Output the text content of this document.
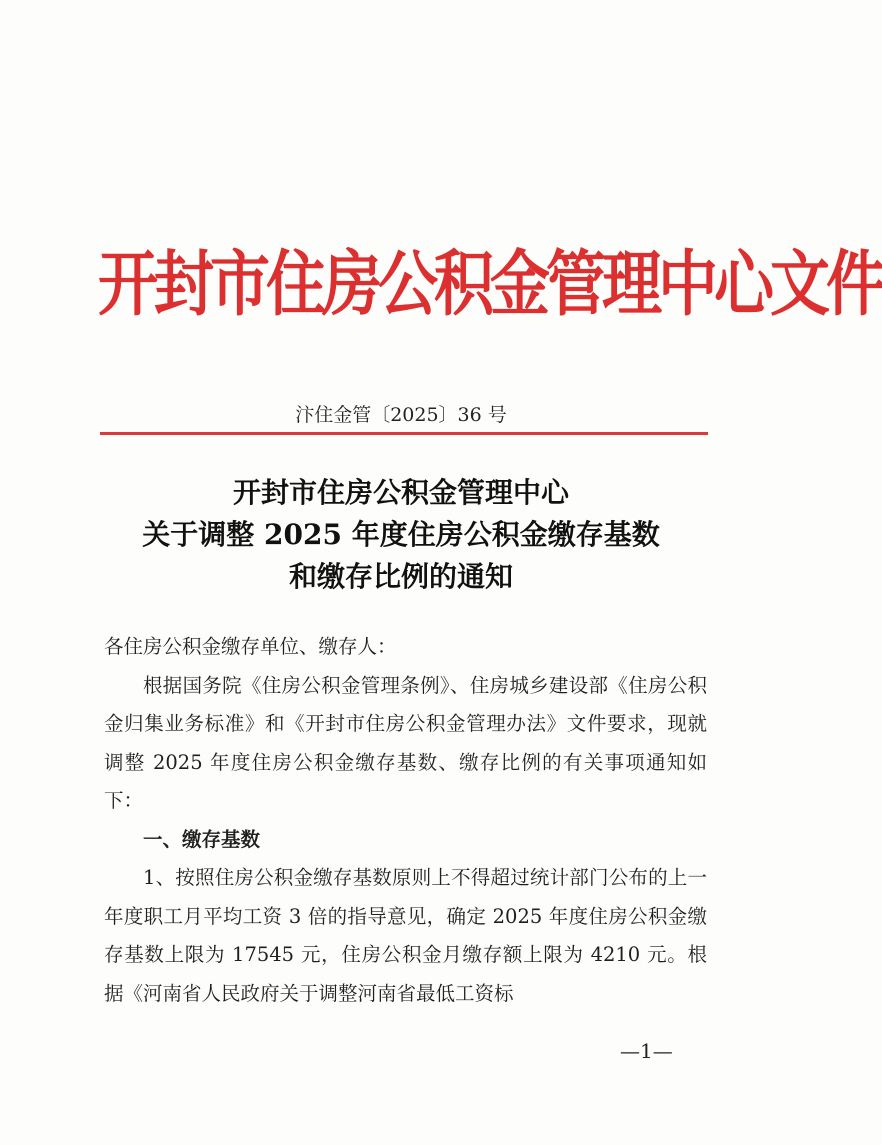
开封市住房公积金管理中心文件
汴住金管〔2025〕36 号
开封市住房公积金管理中心
关于调整 2025 年度住房公积金缴存基数
和缴存比例的通知

各住房公积金缴存单位、缴存人：

根据国务院《住房公积金管理条例》、住房城乡建设部《住房公积金归集业务标准》和《开封市住房公积金管理办法》文件要求，现就调整 2025 年度住房公积金缴存基数、缴存比例的有关事项通知如下：

一、缴存基数

1、按照住房公积金缴存基数原则上不得超过统计部门公布的上一年度职工月平均工资 3 倍的指导意见，确定 2025 年度住房公积金缴存基数上限为 17545 元，住房公积金月缴存额上限为 4210 元。根据《河南省人民政府关于调整河南省最低工资标

—1—
